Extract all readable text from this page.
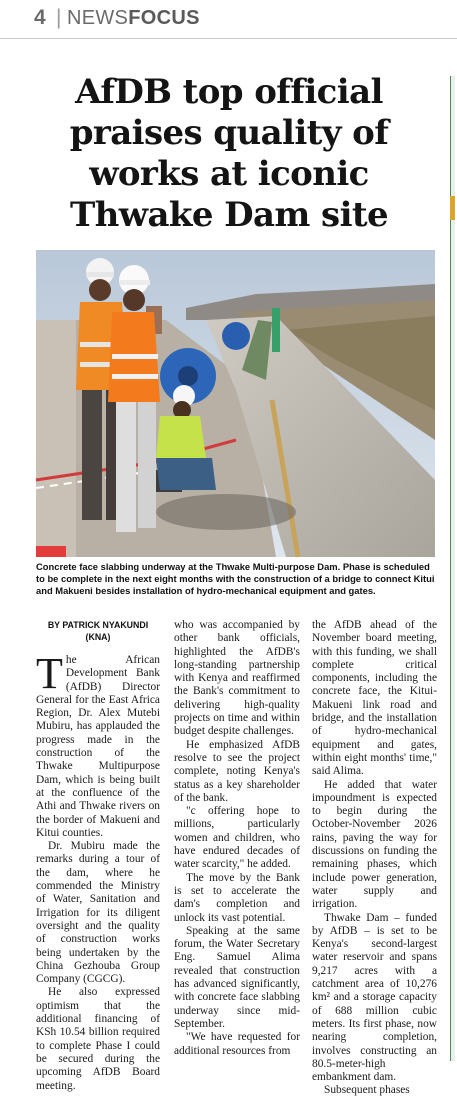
4 | NEWSFOCUS
AfDB top official
praises quality of
works at iconic
Thwake Dam site
Concrete face slabbing underway at the Thwake Multi-purpose Dam. Phase is scheduled to be complete in the next eight months with the construction of a bridge to connect Kitui and Makueni besides installation of hydro-mechanical equipment and gates.
BY PATRICK NYAKUNDI
(KNA)

The African Development Bank (AfDB) Director General for the East Africa Region, Dr. Alex Mutebi Mubiru, has applauded the progress made in the construction of the Thwake Multipurpose Dam, which is being built at the confluence of the Athi and Thwake rivers on the border of Makueni and Kitui counties.

Dr. Mubiru made the remarks during a tour of the dam, where he commended the Ministry of Water, Sanitation and Irrigation for its diligent oversight and the quality of construction works being undertaken by the China Gezhouba Group Company (CGCG).

He also expressed optimism that the additional financing of KSh 10.54 billion required to complete Phase I could be secured during the upcoming AfDB Board meeting.

who was accompanied by other bank officials, highlighted the AfDB's long-standing partnership with Kenya and reaffirmed the Bank's commitment to delivering high-quality projects on time and within budget despite challenges.

He emphasized AfDB resolve to see the project complete, noting Kenya's status as a key shareholder of the bank.

"c offering hope to millions, particularly women and children, who have endured decades of water scarcity," he added.

The move by the Bank is set to accelerate the dam's completion and unlock its vast potential.

Speaking at the same forum, the Water Secretary Eng. Samuel Alima revealed that construction has advanced significantly, with concrete face slabbing underway since mid-September.

"We have requested for additional resources from

the AfDB ahead of the November board meeting, with this funding, we shall complete critical components, including the concrete face, the Kitui-Makueni link road and bridge, and the installation of hydro-mechanical equipment and gates, within eight months' time," said Alima.

He added that water impoundment is expected to begin during the October-November 2026 rains, paving the way for discussions on funding the remaining phases, which include power generation, water supply and irrigation.

Thwake Dam – funded by AfDB – is set to be Kenya's second-largest water reservoir and spans 9,217 acres with a catchment area of 10,276 km² and a storage capacity of 688 million cubic meters. Its first phase, now nearing completion, involves constructing an 80.5-meter-high embankment dam.

Subsequent phases
